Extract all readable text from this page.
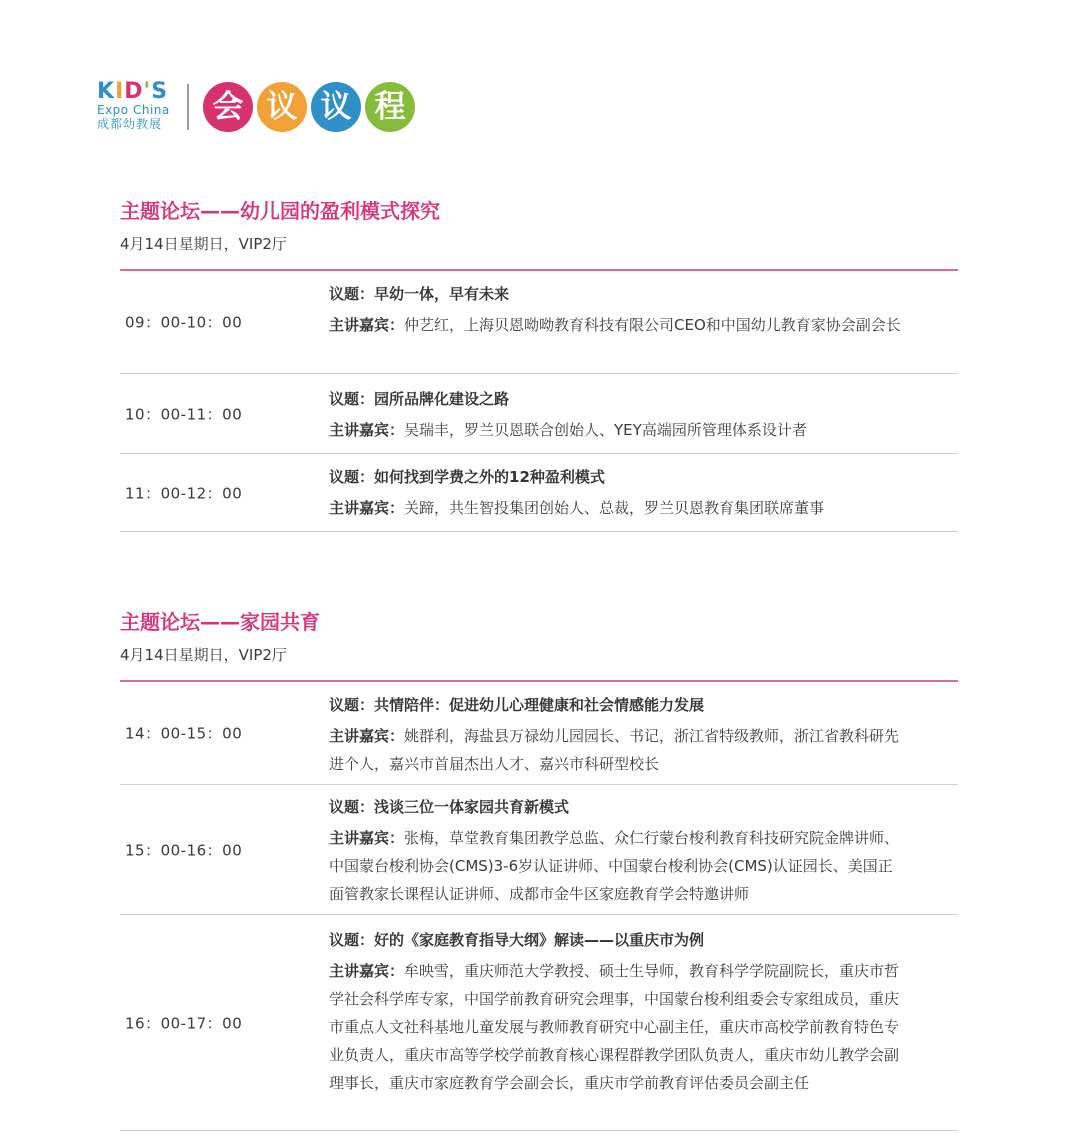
KID'S
Expo China
成都幼教展	会 议 议 程
主题论坛——幼儿园的盈利模式探究
4月14日星期日，VIP2厅
09：00-10：00
议题：早幼一体，早有未来
主讲嘉宾：仲艺红，上海贝恩呦呦教育科技有限公司CEO和中国幼儿教育家协会副会长
10：00-11：00
议题：园所品牌化建设之路
主讲嘉宾：吴瑞丰，罗兰贝恩联合创始人、YEY高端园所管理体系设计者
11：00-12：00
议题：如何找到学费之外的12种盈利模式
主讲嘉宾：关蹄，共生智投集团创始人、总裁，罗兰贝恩教育集团联席董事
主题论坛——家园共育
4月14日星期日，VIP2厅
14：00-15：00
议题：共情陪伴：促进幼儿心理健康和社会情感能力发展
主讲嘉宾：姚群利，海盐县万禄幼儿园园长、书记，浙江省特级教师，浙江省教科研先进个人，嘉兴市首届杰出人才、嘉兴市科研型校长
15：00-16：00
议题：浅谈三位一体家园共育新模式
主讲嘉宾：张梅，草堂教育集团教学总监、众仁行蒙台梭利教育科技研究院金牌讲师、中国蒙台梭利协会(CMS)3-6岁认证讲师、中国蒙台梭利协会(CMS)认证园长、美国正面管教家长课程认证讲师、成都市金牛区家庭教育学会特邀讲师
16：00-17：00
议题：好的《家庭教育指导大纲》解读——以重庆市为例
主讲嘉宾：牟映雪，重庆师范大学教授、硕士生导师，教育科学学院副院长，重庆市哲学社会科学库专家，中国学前教育研究会理事，中国蒙台梭利组委会专家组成员，重庆市重点人文社科基地儿童发展与教师教育研究中心副主任，重庆市高校学前教育特色专业负责人，重庆市高等学校学前教育核心课程群教学团队负责人，重庆市幼儿教学会副理事长，重庆市家庭教育学会副会长，重庆市学前教育评估委员会副主任
